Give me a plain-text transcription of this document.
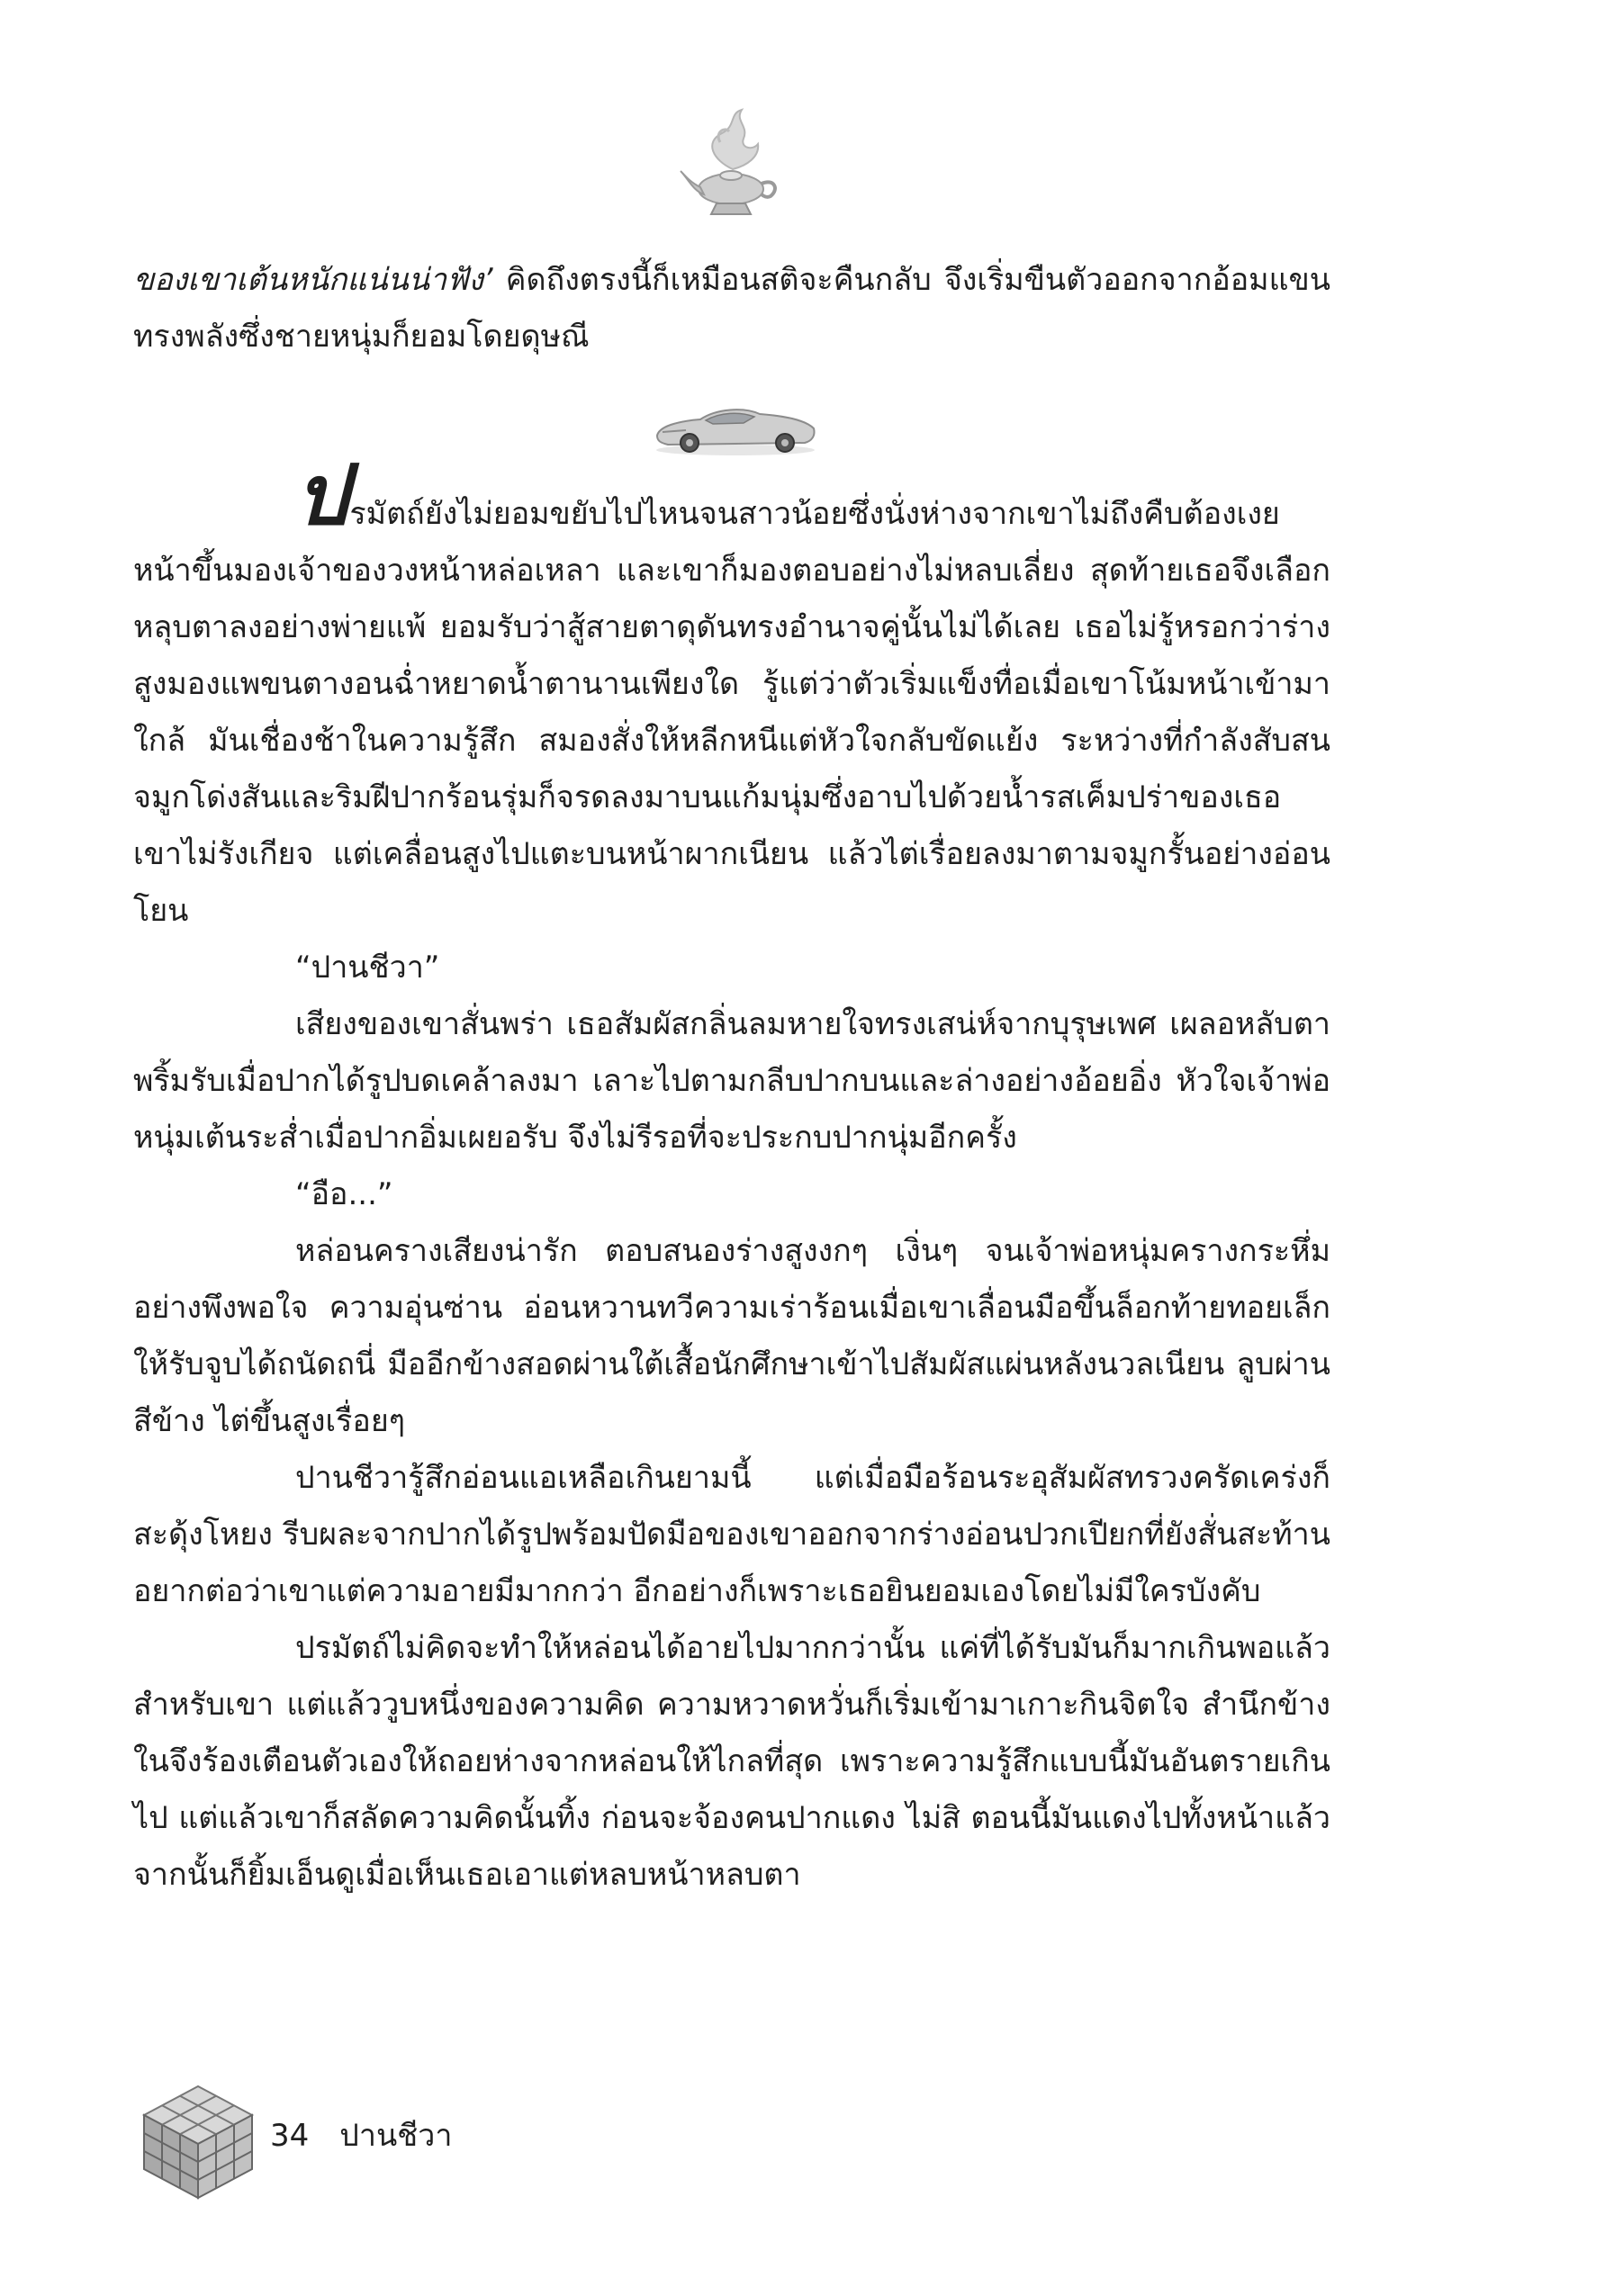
ของเขาเต้นหนักแน่นน่าฟัง’ คิดถึงตรงนี้ก็เหมือนสติจะคืนกลับ จึงเริ่มขืนตัวออกจากอ้อมแขนทรงพลังซึ่งชายหนุ่มก็ยอมโดยดุษณี

ปรมัตถ์ยังไม่ยอมขยับไปไหนจนสาวน้อยซึ่งนั่งห่างจากเขาไม่ถึงคืบต้องเงยหน้าขึ้นมองเจ้าของวงหน้าหล่อเหลา และเขาก็มองตอบอย่างไม่หลบเลี่ยง สุดท้ายเธอจึงเลือกหลุบตาลงอย่างพ่ายแพ้ ยอมรับว่าสู้สายตาดุดันทรงอำนาจคู่นั้นไม่ได้เลย เธอไม่รู้หรอกว่าร่างสูงมองแพขนตางอนฉ่ำหยาดน้ำตานานเพียงใด รู้แต่ว่าตัวเริ่มแข็งทื่อเมื่อเขาโน้มหน้าเข้ามาใกล้ มันเชื่องช้าในความรู้สึก สมองสั่งให้หลีกหนีแต่หัวใจกลับขัดแย้ง ระหว่างที่กำลังสับสน จมูกโด่งสันและริมฝีปากร้อนรุ่มก็จรดลงมาบนแก้มนุ่มซึ่งอาบไปด้วยน้ำรสเค็มปร่าของเธอ เขาไม่รังเกียจ แต่เคลื่อนสูงไปแตะบนหน้าผากเนียน แล้วไต่เรื่อยลงมาตามจมูกรั้นอย่างอ่อนโยน

“ปานชีวา”

เสียงของเขาสั่นพร่า เธอสัมผัสกลิ่นลมหายใจทรงเสน่ห์จากบุรุษเพศ เผลอหลับตาพริ้มรับเมื่อปากได้รูปบดเคล้าลงมา เลาะไปตามกลีบปากบนและล่างอย่างอ้อยอิ่ง หัวใจเจ้าพ่อหนุ่มเต้นระส่ำเมื่อปากอิ่มเผยอรับ จึงไม่รีรอที่จะประกบปากนุ่มอีกครั้ง

“อือ...”

หล่อนครางเสียงน่ารัก ตอบสนองร่างสูงงกๆ เงิ่นๆ จนเจ้าพ่อหนุ่มครางกระหึ่มอย่างพึงพอใจ ความอุ่นซ่าน อ่อนหวานทวีความเร่าร้อนเมื่อเขาเลื่อนมือขึ้นล็อกท้ายทอยเล็กให้รับจูบได้ถนัดถนี่ มืออีกข้างสอดผ่านใต้เสื้อนักศึกษาเข้าไปสัมผัสแผ่นหลังนวลเนียน ลูบผ่านสีข้าง ไต่ขึ้นสูงเรื่อยๆ

ปานชีวารู้สึกอ่อนแอเหลือเกินยามนี้ แต่เมื่อมือร้อนระอุสัมผัสทรวงครัดเคร่งก็สะดุ้งโหยง รีบผละจากปากได้รูปพร้อมปัดมือของเขาออกจากร่างอ่อนปวกเปียกที่ยังสั่นสะท้าน อยากต่อว่าเขาแต่ความอายมีมากกว่า อีกอย่างก็เพราะเธอยินยอมเองโดยไม่มีใครบังคับ

ปรมัตถ์ไม่คิดจะทำให้หล่อนได้อายไปมากกว่านั้น แค่ที่ได้รับมันก็มากเกินพอแล้วสำหรับเขา แต่แล้ววูบหนึ่งของความคิด ความหวาดหวั่นก็เริ่มเข้ามาเกาะกินจิตใจ สำนึกข้างในจึงร้องเตือนตัวเองให้ถอยห่างจากหล่อนให้ไกลที่สุด เพราะความรู้สึกแบบนี้มันอันตรายเกินไป แต่แล้วเขาก็สลัดความคิดนั้นทิ้ง ก่อนจะจ้องคนปากแดง ไม่สิ ตอนนี้มันแดงไปทั้งหน้าแล้ว จากนั้นก็ยิ้มเอ็นดูเมื่อเห็นเธอเอาแต่หลบหน้าหลบตา

34 ปานชีวา
